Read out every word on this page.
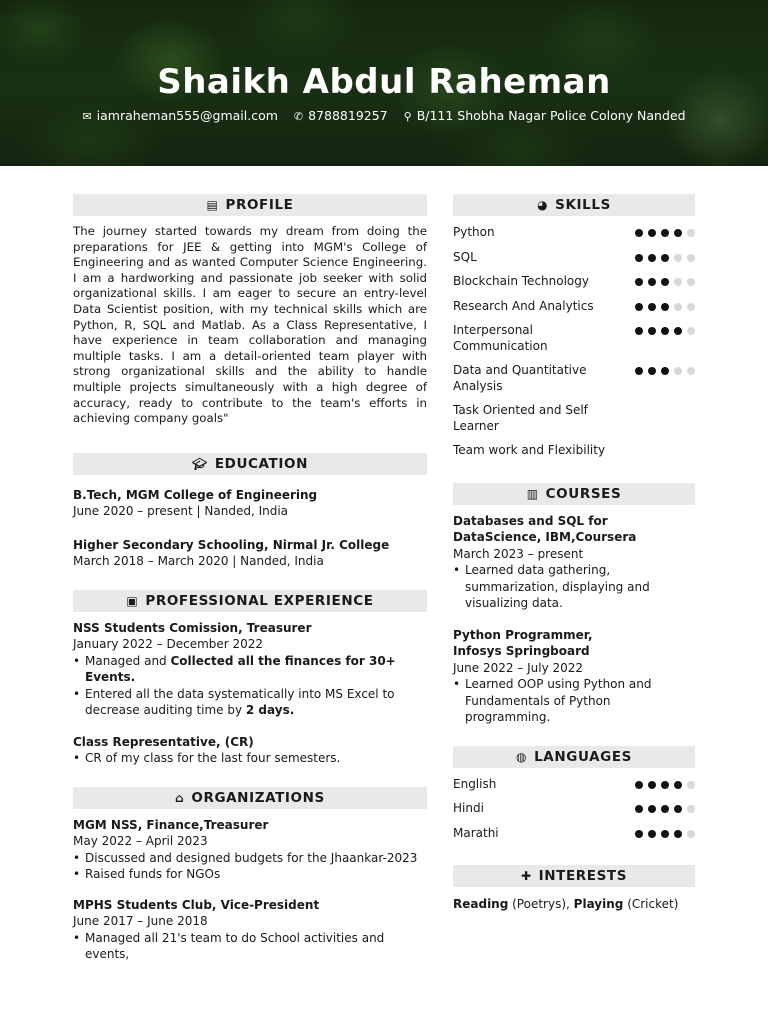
Shaikh Abdul Raheman
✉ iamraheman555@gmail.com ✆ 8788819257 ⚲ B/111 Shobha Nagar Police Colony Nanded
▤ PROFILE

The journey started towards my dream from doing the preparations for JEE & getting into MGM's College of Engineering and as wanted Computer Science Engineering. I am a hardworking and passionate job seeker with solid organizational skills. I am eager to secure an entry-level Data Scientist position, with my technical skills which are Python, R, SQL and Matlab. As a Class Representative, I have experience in team collaboration and managing multiple tasks. I am a detail-oriented team player with strong organizational skills and the ability to handle multiple projects simultaneously with a high degree of accuracy, ready to contribute to the team's efforts in achieving company goals"

🎓︎ EDUCATION
B.Tech, MGM College of Engineering
June 2020 – present | Nanded, India
Higher Secondary Schooling, Nirmal Jr. College
March 2018 – March 2020 | Nanded, India
▣ PROFESSIONAL EXPERIENCE
NSS Students Comission, Treasurer
January 2022 – December 2022
• Managed and Collected all the finances for 30+ Events.
• Entered all the data systematically into MS Excel to decrease auditing time by 2 days.
Class Representative, (CR)
• CR of my class for the last four semesters.
⌂ ORGANIZATIONS
MGM NSS, Finance,Treasurer
May 2022 – April 2023
• Discussed and designed budgets for the Jhaankar-2023
• Raised funds for NGOs
MPHS Students Club, Vice-President
June 2017 – June 2018
• Managed all 21's team to do School activities and events,
◕ SKILLS
Python
SQL
Blockchain Technology
Research And Analytics
Interpersonal Communication
Data and Quantitative Analysis
Task Oriented and Self Learner
Team work and Flexibility
▥ COURSES
Databases and SQL for DataScience, IBM,Coursera
March 2023 – present
• Learned data gathering, summarization, displaying and visualizing data.
Python Programmer,
Infosys Springboard
June 2022 – July 2022
• Learned OOP using Python and Fundamentals of Python programming.
◍ LANGUAGES
English
Hindi
Marathi
✚ INTERESTS
Reading (Poetrys), Playing (Cricket)
